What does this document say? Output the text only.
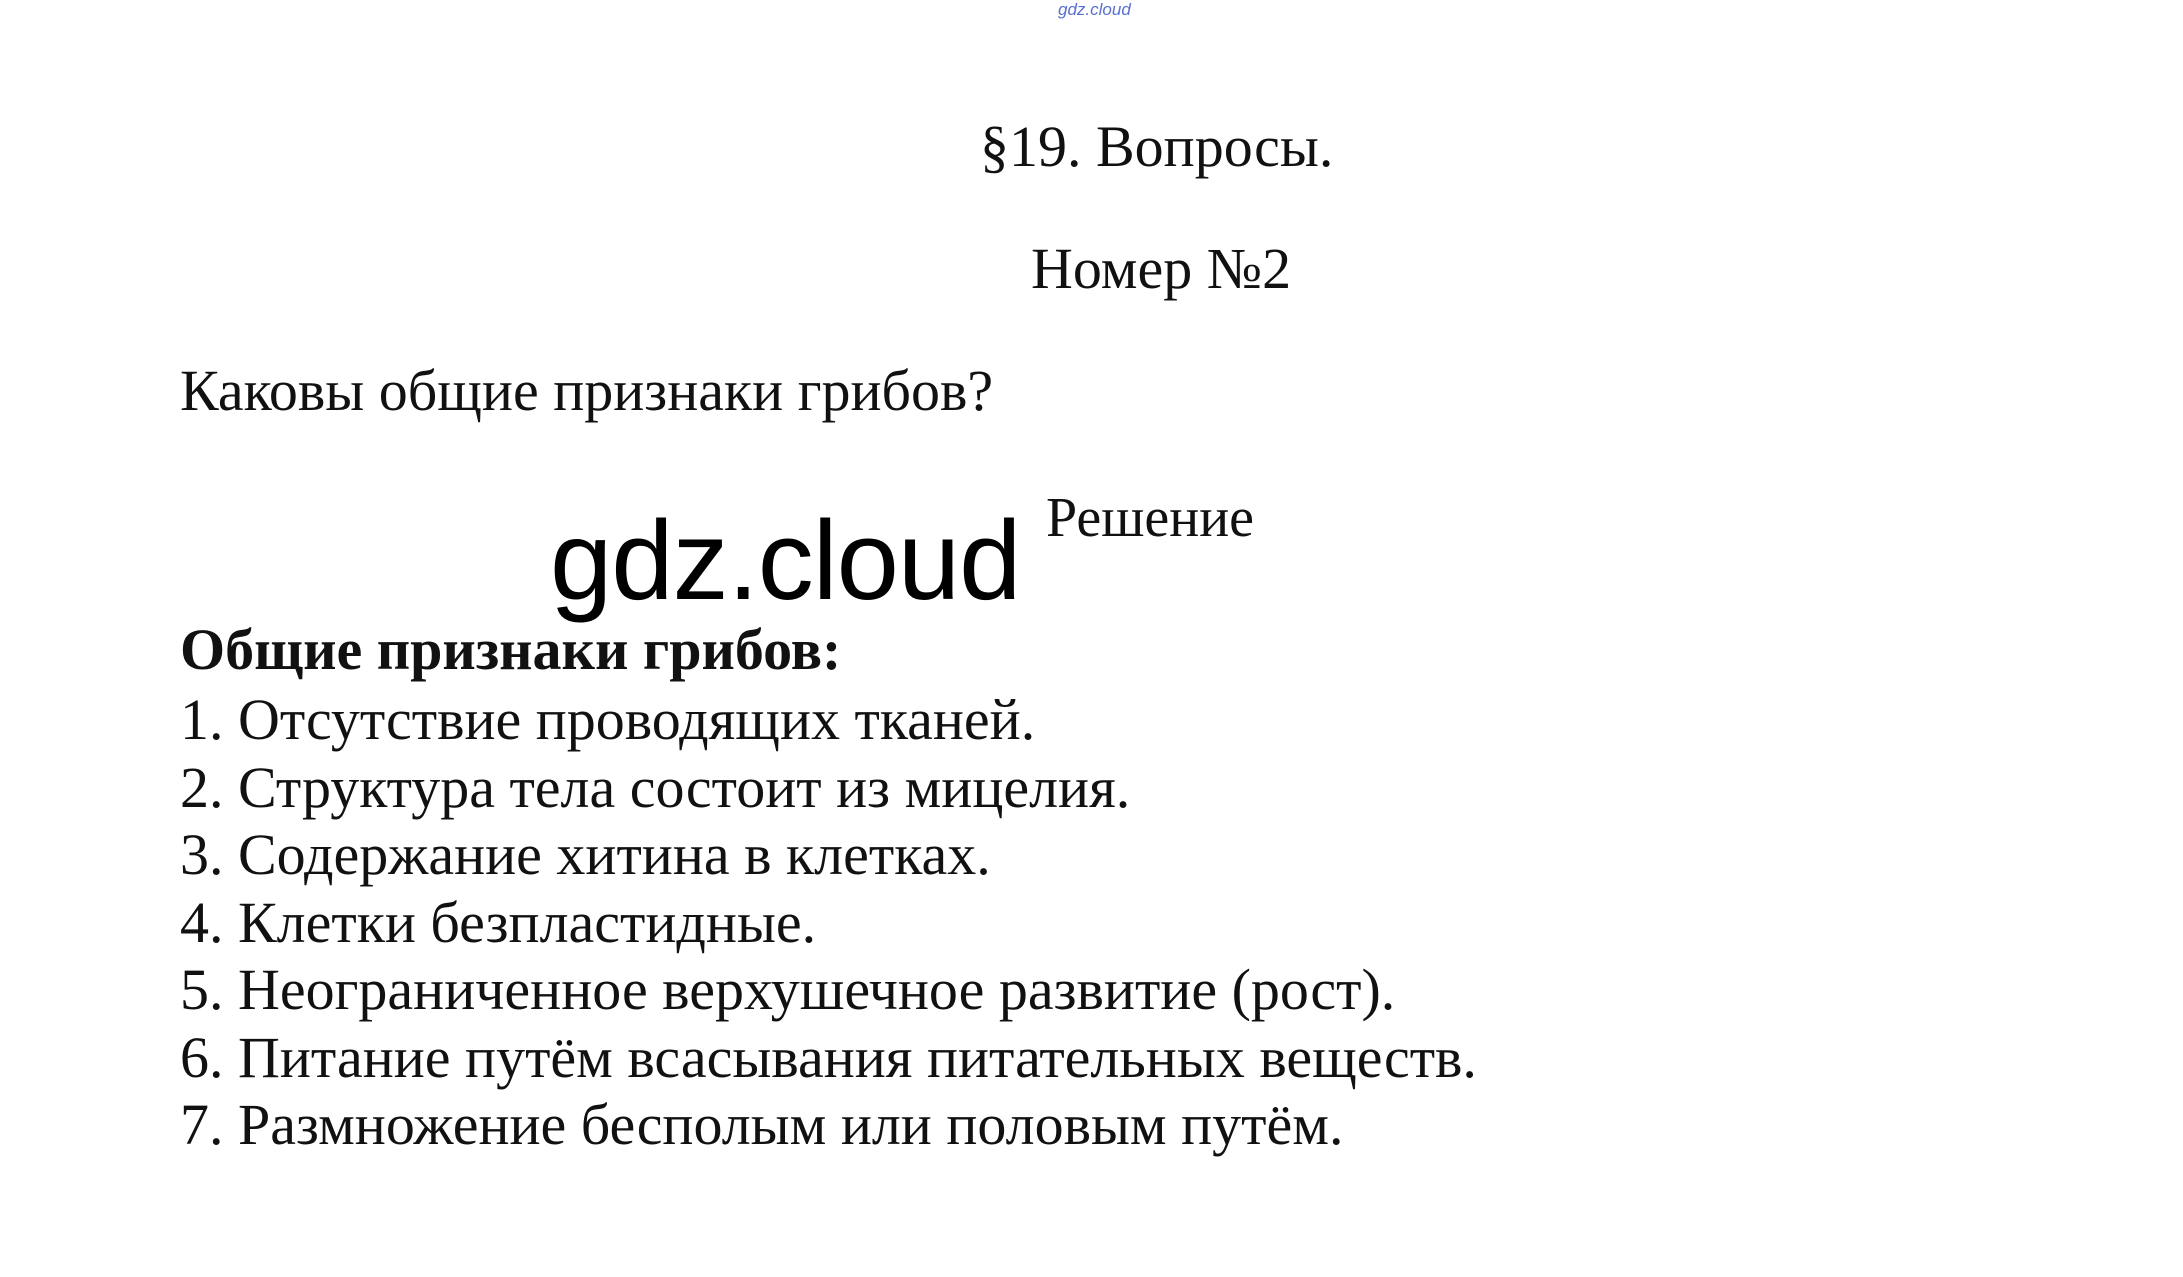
gdz.cloud
§19. Вопросы.
Номер №2
Каковы общие признаки грибов?
gdz.cloud Решение
Общие признаки грибов:
1. Отсутствие проводящих тканей.
2. Структура тела состоит из мицелия.
3. Содержание хитина в клетках.
4. Клетки безпластидные.
5. Неограниченное верхушечное развитие (рост).
6. Питание путём всасывания питательных веществ.
7. Размножение бесполым или половым путём.
